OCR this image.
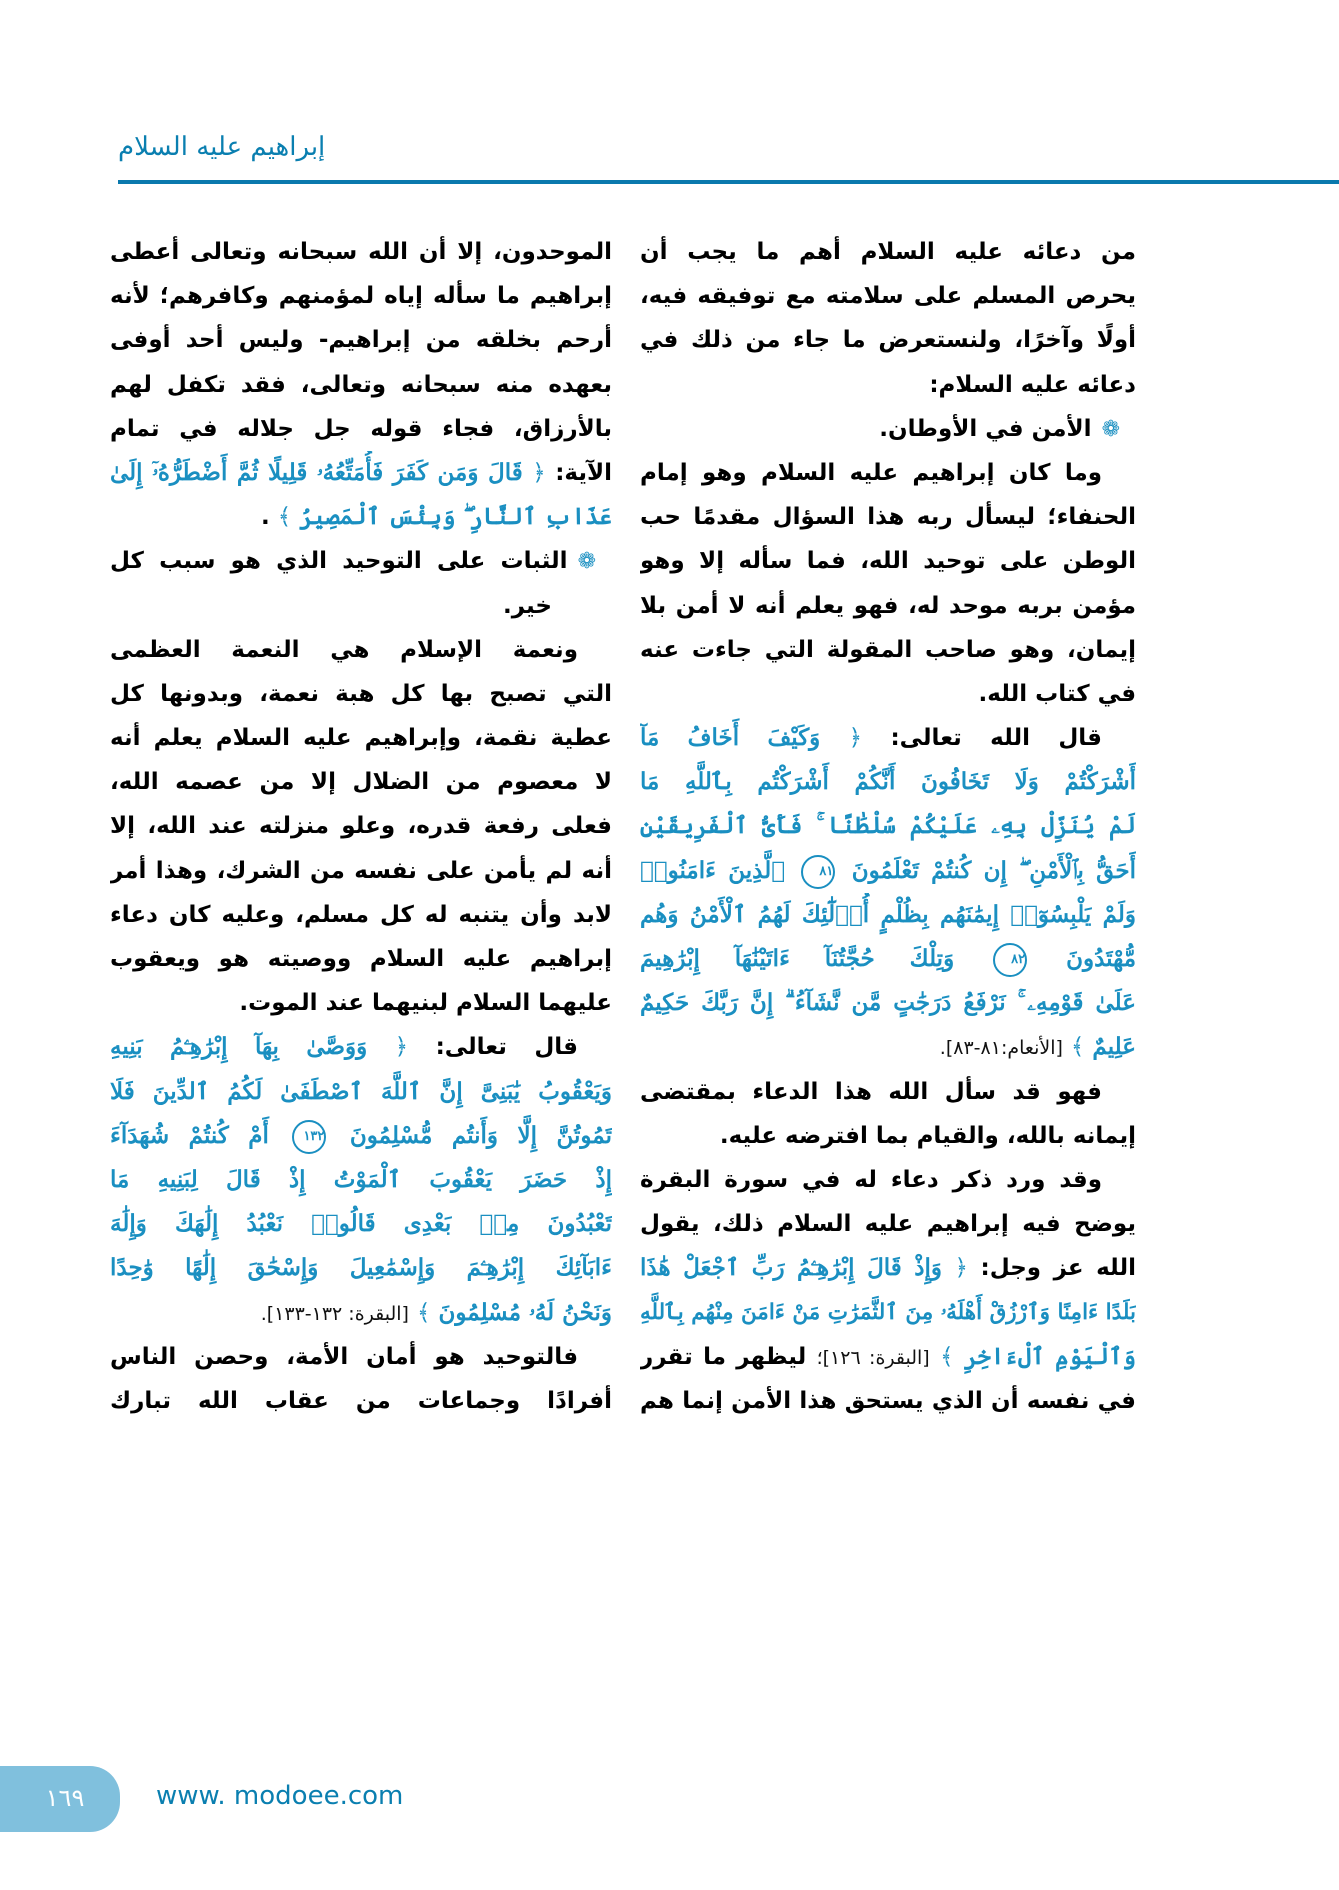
إبراهيم عليه السلام
من دعائه عليه السلام أهم ما يجب أن
يحرص المسلم على سلامته مع توفيقه فيه،
أولًا وآخرًا، ولنستعرض ما جاء من ذلك في
دعائه عليه السلام:
❁الأمن في الأوطان.
وما كان إبراهيم عليه السلام وهو إمام
الحنفاء؛ ليسأل ربه هذا السؤال مقدمًا حب
الوطن على توحيد الله، فما سأله إلا وهو
مؤمن بربه موحد له، فهو يعلم أنه لا أمن بلا
إيمان، وهو صاحب المقولة التي جاءت عنه
في كتاب الله.
قال الله تعالى: ﴿ وَكَيْفَ أَخَافُ مَآ
أَشْرَكْتُمْ وَلَا تَخَافُونَ أَنَّكُمْ أَشْرَكْتُم بِٱللَّهِ مَا
لَمْ يُنَزِّلْ بِهِۦ عَلَيْكُمْ سُلْطَٰنًا ۚ فَأَىُّ ٱلْفَرِيقَيْنِ
أَحَقُّ بِٱلْأَمْنِ ۖ إِن كُنتُمْ تَعْلَمُونَ ٨١ ٱلَّذِينَ ءَامَنُوا۟
وَلَمْ يَلْبِسُوٓا۟ إِيمَٰنَهُم بِظُلْمٍ أُو۟لَٰٓئِكَ لَهُمُ ٱلْأَمْنُ وَهُم
مُّهْتَدُونَ ٨٢ وَتِلْكَ حُجَّتُنَآ ءَاتَيْنَٰهَآ إِبْرَٰهِيمَ
عَلَىٰ قَوْمِهِۦ ۚ نَرْفَعُ دَرَجَٰتٍ مَّن نَّشَآءُ ۗ إِنَّ رَبَّكَ حَكِيمٌ
عَلِيمٌ ﴾ [الأنعام:٨١-٨٣].
فهو قد سأل الله هذا الدعاء بمقتضى
إيمانه بالله، والقيام بما افترضه عليه.
وقد ورد ذكر دعاء له في سورة البقرة
يوضح فيه إبراهيم عليه السلام ذلك، يقول
الله عز وجل: ﴿ وَإِذْ قَالَ إِبْرَٰهِـۧمُ رَبِّ ٱجْعَلْ هَٰذَا
بَلَدًا ءَامِنًا وَٱرْزُقْ أَهْلَهُۥ مِنَ ٱلثَّمَرَٰتِ مَنْ ءَامَنَ مِنْهُم بِٱللَّهِ
وَٱلْيَوْمِ ٱلْءَاخِرِ ﴾ [البقرة: ١٢٦]؛ ليظهر ما تقرر
في نفسه أن الذي يستحق هذا الأمن إنما هم
الموحدون، إلا أن الله سبحانه وتعالى أعطى
إبراهيم ما سأله إياه لمؤمنهم وكافرهم؛ لأنه
أرحم بخلقه من إبراهيم- وليس أحد أوفى
بعهده منه سبحانه وتعالى، فقد تكفل لهم
بالأرزاق، فجاء قوله جل جلاله في تمام
الآية: ﴿ قَالَ وَمَن كَفَرَ فَأُمَتِّعُهُۥ قَلِيلًا ثُمَّ أَضْطَرُّهُۥٓ إِلَىٰ
عَذَابِ ٱلنَّارِ ۖ وَبِئْسَ ٱلْمَصِيرُ ﴾ .
❁الثبات على التوحيد الذي هو سبب كل
خير.
ونعمة الإسلام هي النعمة العظمى
التي تصبح بها كل هبة نعمة، وبدونها كل
عطية نقمة، وإبراهيم عليه السلام يعلم أنه
لا معصوم من الضلال إلا من عصمه الله،
فعلى رفعة قدره، وعلو منزلته عند الله، إلا
أنه لم يأمن على نفسه من الشرك، وهذا أمر
لابد وأن يتنبه له كل مسلم، وعليه كان دعاء
إبراهيم عليه السلام ووصيته هو ويعقوب
عليهما السلام لبنيهما عند الموت.
قال تعالى: ﴿ وَوَصَّىٰ بِهَآ إِبْرَٰهِـۧمُ بَنِيهِ
وَيَعْقُوبُ يَٰبَنِىَّ إِنَّ ٱللَّهَ ٱصْطَفَىٰ لَكُمُ ٱلدِّينَ فَلَا
تَمُوتُنَّ إِلَّا وَأَنتُم مُّسْلِمُونَ ١٣٢ أَمْ كُنتُمْ شُهَدَآءَ
إِذْ حَضَرَ يَعْقُوبَ ٱلْمَوْتُ إِذْ قَالَ لِبَنِيهِ مَا
تَعْبُدُونَ مِنۢ بَعْدِى قَالُوا۟ نَعْبُدُ إِلَٰهَكَ وَإِلَٰهَ
ءَابَآئِكَ إِبْرَٰهِـۧمَ وَإِسْمَٰعِيلَ وَإِسْحَٰقَ إِلَٰهًا وَٰحِدًا
وَنَحْنُ لَهُۥ مُسْلِمُونَ ﴾ [البقرة: ١٣٢-١٣٣].
فالتوحيد هو أمان الأمة، وحصن الناس
أفرادًا وجماعات من عقاب الله تبارك
١٦٩	www. modoee.com
